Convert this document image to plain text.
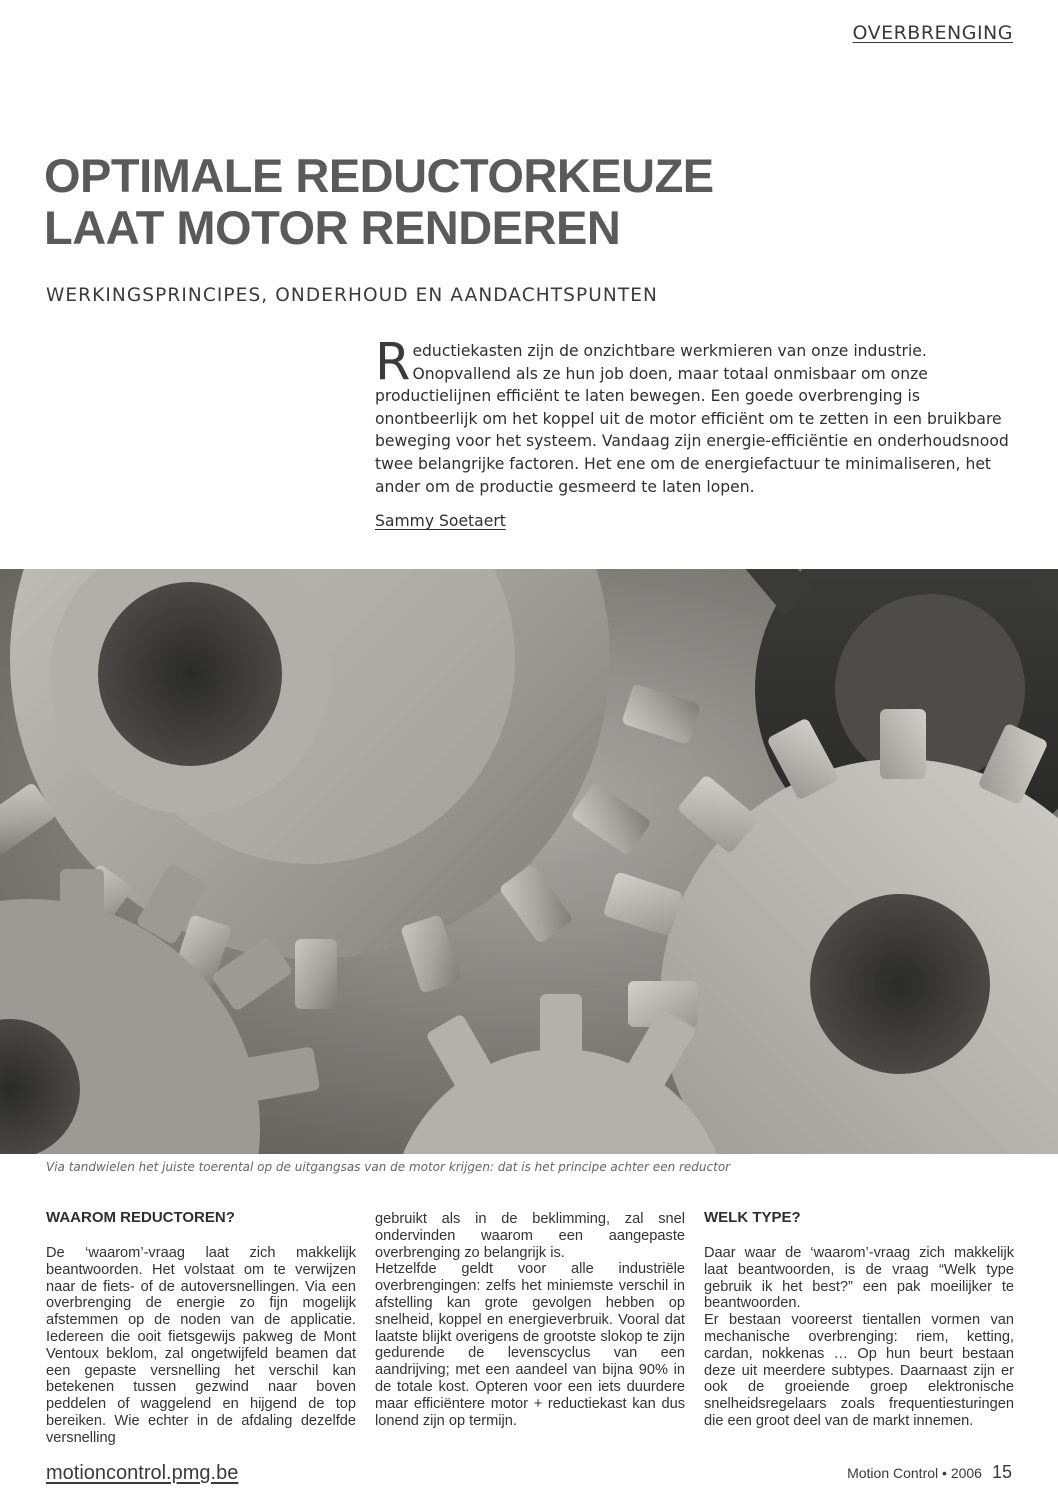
OVERBRENGING
OPTIMALE REDUCTORKEUZE
LAAT MOTOR RENDEREN
WERKINGSPRINCIPES, ONDERHOUD EN AANDACHTSPUNTEN
Reductiekasten zijn de onzichtbare werkmieren van onze industrie. Onopvallend als ze hun job doen, maar totaal onmisbaar om onze productielijnen efficiënt te laten bewegen. Een goede overbrenging is onontbeerlijk om het koppel uit de motor efficiënt om te zetten in een bruikbare beweging voor het systeem. Vandaag zijn energie-efficiëntie en onderhoudsnood twee belangrijke factoren. Het ene om de energiefactuur te minimaliseren, het ander om de productie gesmeerd te laten lopen.
Sammy Soetaert
Via tandwielen het juiste toerental op de uitgangsas van de motor krijgen: dat is het principe achter een reductor
WAAROM REDUCTOREN?

De ‘waarom’-vraag laat zich makkelijk beantwoorden. Het volstaat om te verwijzen naar de fiets- of de autoversnellingen. Via een overbrenging de energie zo fijn mogelijk afstemmen op de noden van de applicatie. Iedereen die ooit fietsgewijs pakweg de Mont Ventoux beklom, zal ongetwijfeld beamen dat een gepaste versnelling het verschil kan betekenen tussen gezwind naar boven peddelen of waggelend en hijgend de top bereiken. Wie echter in de afdaling dezelfde versnelling

gebruikt als in de beklimming, zal snel ondervinden waarom een aangepaste overbrenging zo belangrijk is.

Hetzelfde geldt voor alle industriële overbrengingen: zelfs het miniemste verschil in afstelling kan grote gevolgen hebben op snelheid, koppel en energieverbruik. Vooral dat laatste blijkt overigens de grootste slokop te zijn gedurende de levenscyclus van een aandrijving; met een aandeel van bijna 90% in de totale kost. Opteren voor een iets duurdere maar efficiëntere motor + reductiekast kan dus lonend zijn op termijn.

WELK TYPE?

Daar waar de ‘waarom’-vraag zich makkelijk laat beantwoorden, is de vraag “Welk type gebruik ik het best?” een pak moeilijker te beantwoorden.

Er bestaan vooreerst tientallen vormen van mechanische overbrenging: riem, ketting, cardan, nokkenas … Op hun beurt bestaan deze uit meerdere subtypes. Daarnaast zijn er ook de groeiende groep elektronische snelheidsregelaars zoals frequentiesturingen die een groot deel van de markt innemen.

motioncontrol.pmg.be	Motion Control • 2006 15
